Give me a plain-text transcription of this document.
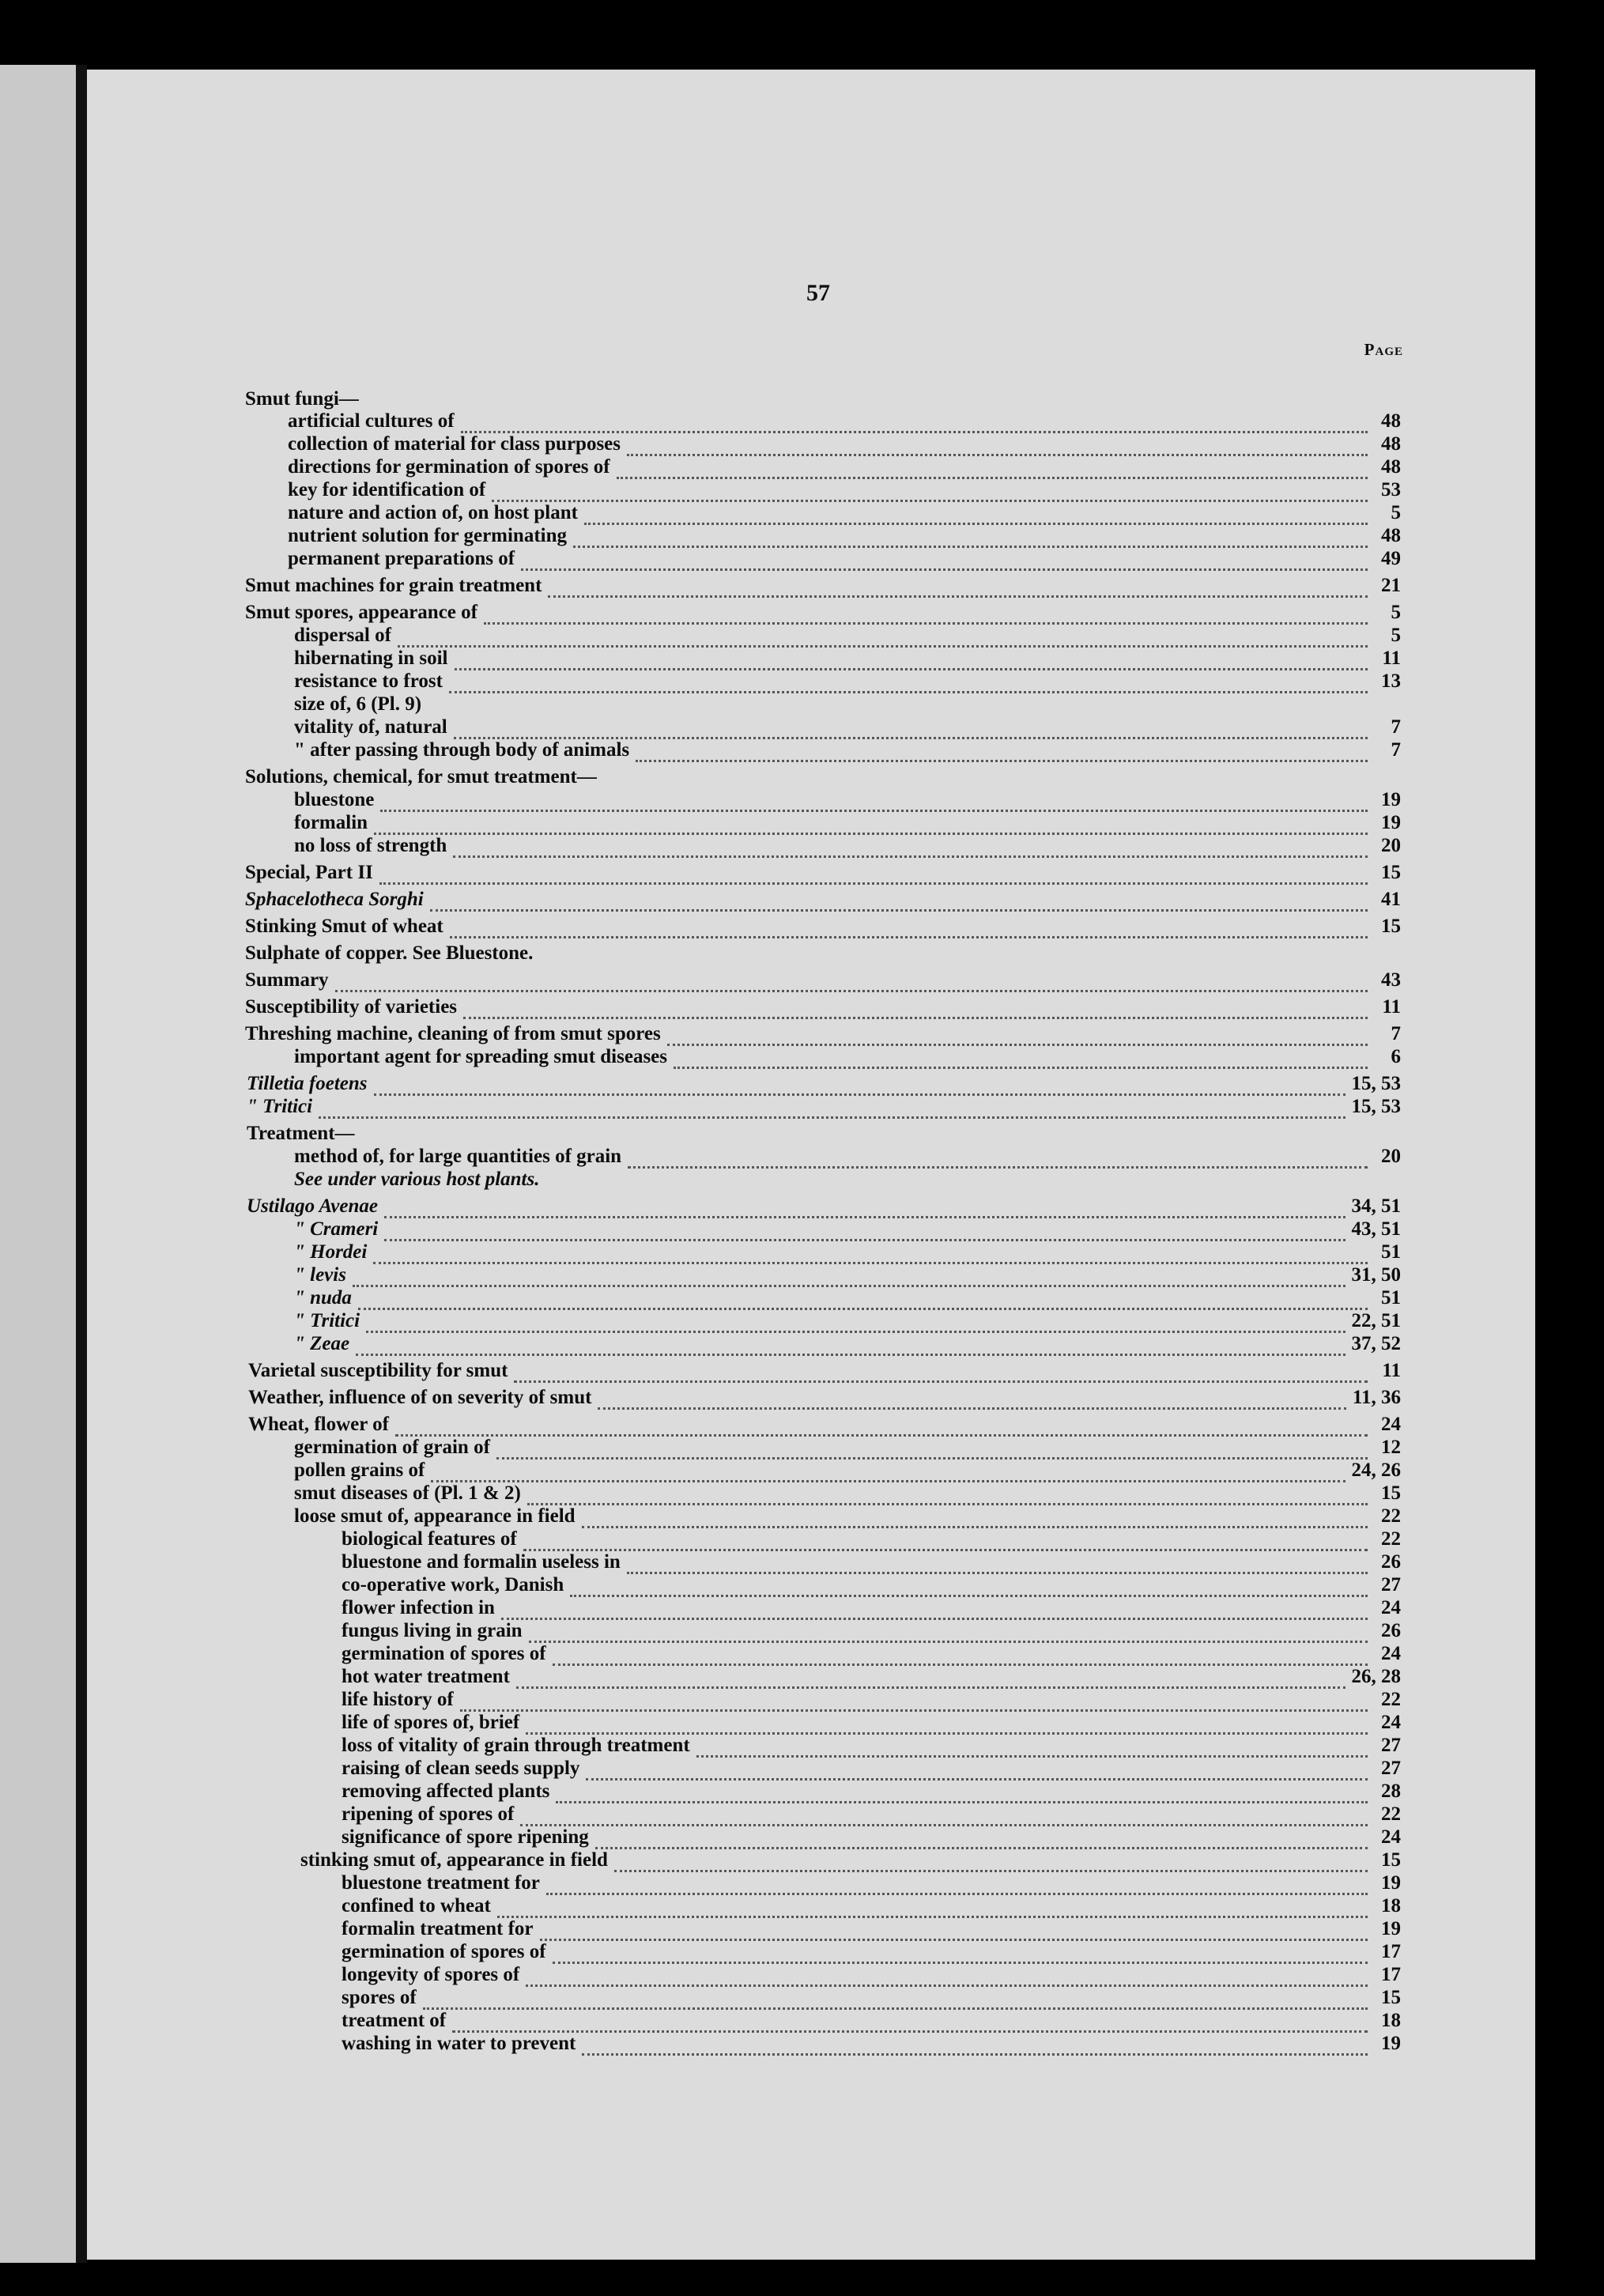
57
Page
Smut fungi—
artificial cultures of	48
collection of material for class purposes	48
directions for germination of spores of	48
key for identification of	53
nature and action of, on host plant	5
nutrient solution for germinating	48
permanent preparations of	49
Smut machines for grain treatment	21
Smut spores, appearance of	5
dispersal of	5
hibernating in soil	11
resistance to frost	13
size of, 6 (Pl. 9)
vitality of, natural	7
" after passing through body of animals	7
Solutions, chemical, for smut treatment—
bluestone	19
formalin	19
no loss of strength	20
Special, Part II	15
Sphacelotheca Sorghi	41
Stinking Smut of wheat	15
Sulphate of copper. See Bluestone.
Summary	43
Susceptibility of varieties	11
Threshing machine, cleaning of from smut spores	7
important agent for spreading smut diseases	6
Tilletia foetens	15, 53
" Tritici	15, 53
Treatment—
method of, for large quantities of grain	20
See under various host plants.
Ustilago Avenae	34, 51
" Crameri	43, 51
" Hordei	51
" levis	31, 50
" nuda	51
" Tritici	22, 51
" Zeae	37, 52
Varietal susceptibility for smut	11
Weather, influence of on severity of smut	11, 36
Wheat, flower of	24
germination of grain of	12
pollen grains of	24, 26
smut diseases of (Pl. 1 & 2)	15
loose smut of, appearance in field	22
biological features of	22
bluestone and formalin useless in	26
co-operative work, Danish	27
flower infection in	24
fungus living in grain	26
germination of spores of	24
hot water treatment	26, 28
life history of	22
life of spores of, brief	24
loss of vitality of grain through treatment	27
raising of clean seeds supply	27
removing affected plants	28
ripening of spores of	22
significance of spore ripening	24
stinking smut of, appearance in field	15
bluestone treatment for	19
confined to wheat	18
formalin treatment for	19
germination of spores of	17
longevity of spores of	17
spores of	15
treatment of	18
washing in water to prevent	19
